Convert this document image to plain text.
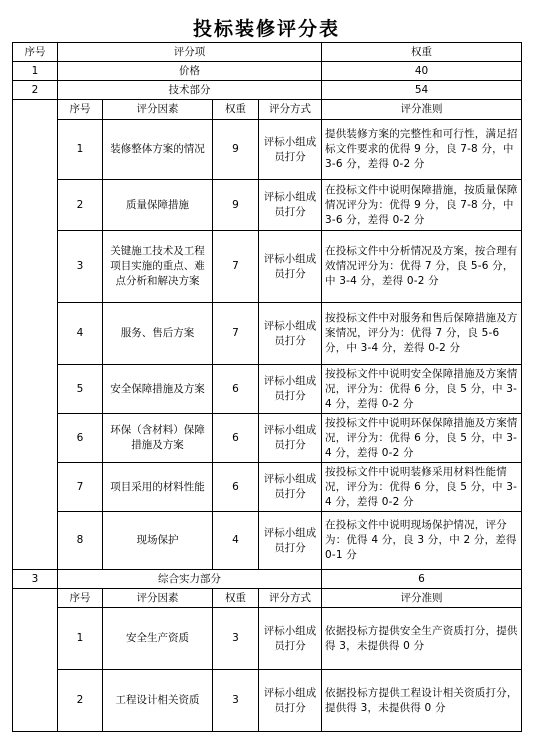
投标装修评分表
序号	评分项				权重
1	价格				40
2	技术部分				54
	序号	评分因素	权重	评分方式	评分准则
	1	装修整体方案的情况	9	评标小组成员打分	提供装修方案的完整性和可行性，满足招标文件要求的优得 9 分，良 7-8 分，中 3-6 分，差得 0-2 分
	2	质量保障措施	9	评标小组成员打分	在投标文件中说明保障措施，按质量保障情况评分为：优得 9 分，良 7-8 分，中 3-6 分，差得 0-2 分
	3	关键施工技术及工程项目实施的重点、难点分析和解决方案	7	评标小组成员打分	在投标文件中分析情况及方案，按合理有效情况评分为：优得 7 分，良 5-6 分，中 3-4 分，差得 0-2 分
	4	服务、售后方案	7	评标小组成员打分	按投标文件中对服务和售后保障措施及方案情况，评分为：优得 7 分，良 5-6 分，中 3-4 分，差得 0-2 分
	5	安全保障措施及方案	6	评标小组成员打分	按投标文件中说明安全保障措施及方案情况，评分为：优得 6 分，良 5 分，中 3-4 分，差得 0-2 分
	6	环保（含材料）保障措施及方案	6	评标小组成员打分	按投标文件中说明环保保障措施及方案情况，评分为：优得 6 分，良 5 分，中 3-4 分，差得 0-2 分
	7	项目采用的材料性能	6	评标小组成员打分	按投标文件中说明装修采用材料性能情况，评分为：优得 6 分，良 5 分，中 3-4 分，差得 0-2 分
	8	现场保护	4	评标小组成员打分	在投标文件中说明现场保护情况，评分为：优得 4 分，良 3 分，中 2 分，差得 0-1 分
3	综合实力部分				6
	序号	评分因素	权重	评分方式	评分准则
	1	安全生产资质	3	评标小组成员打分	依据投标方提供安全生产资质打分，提供得 3，未提供得 0 分
	2	工程设计相关资质	3	评标小组成员打分	依据投标方提供工程设计相关资质打分，提供得 3，未提供得 0 分
